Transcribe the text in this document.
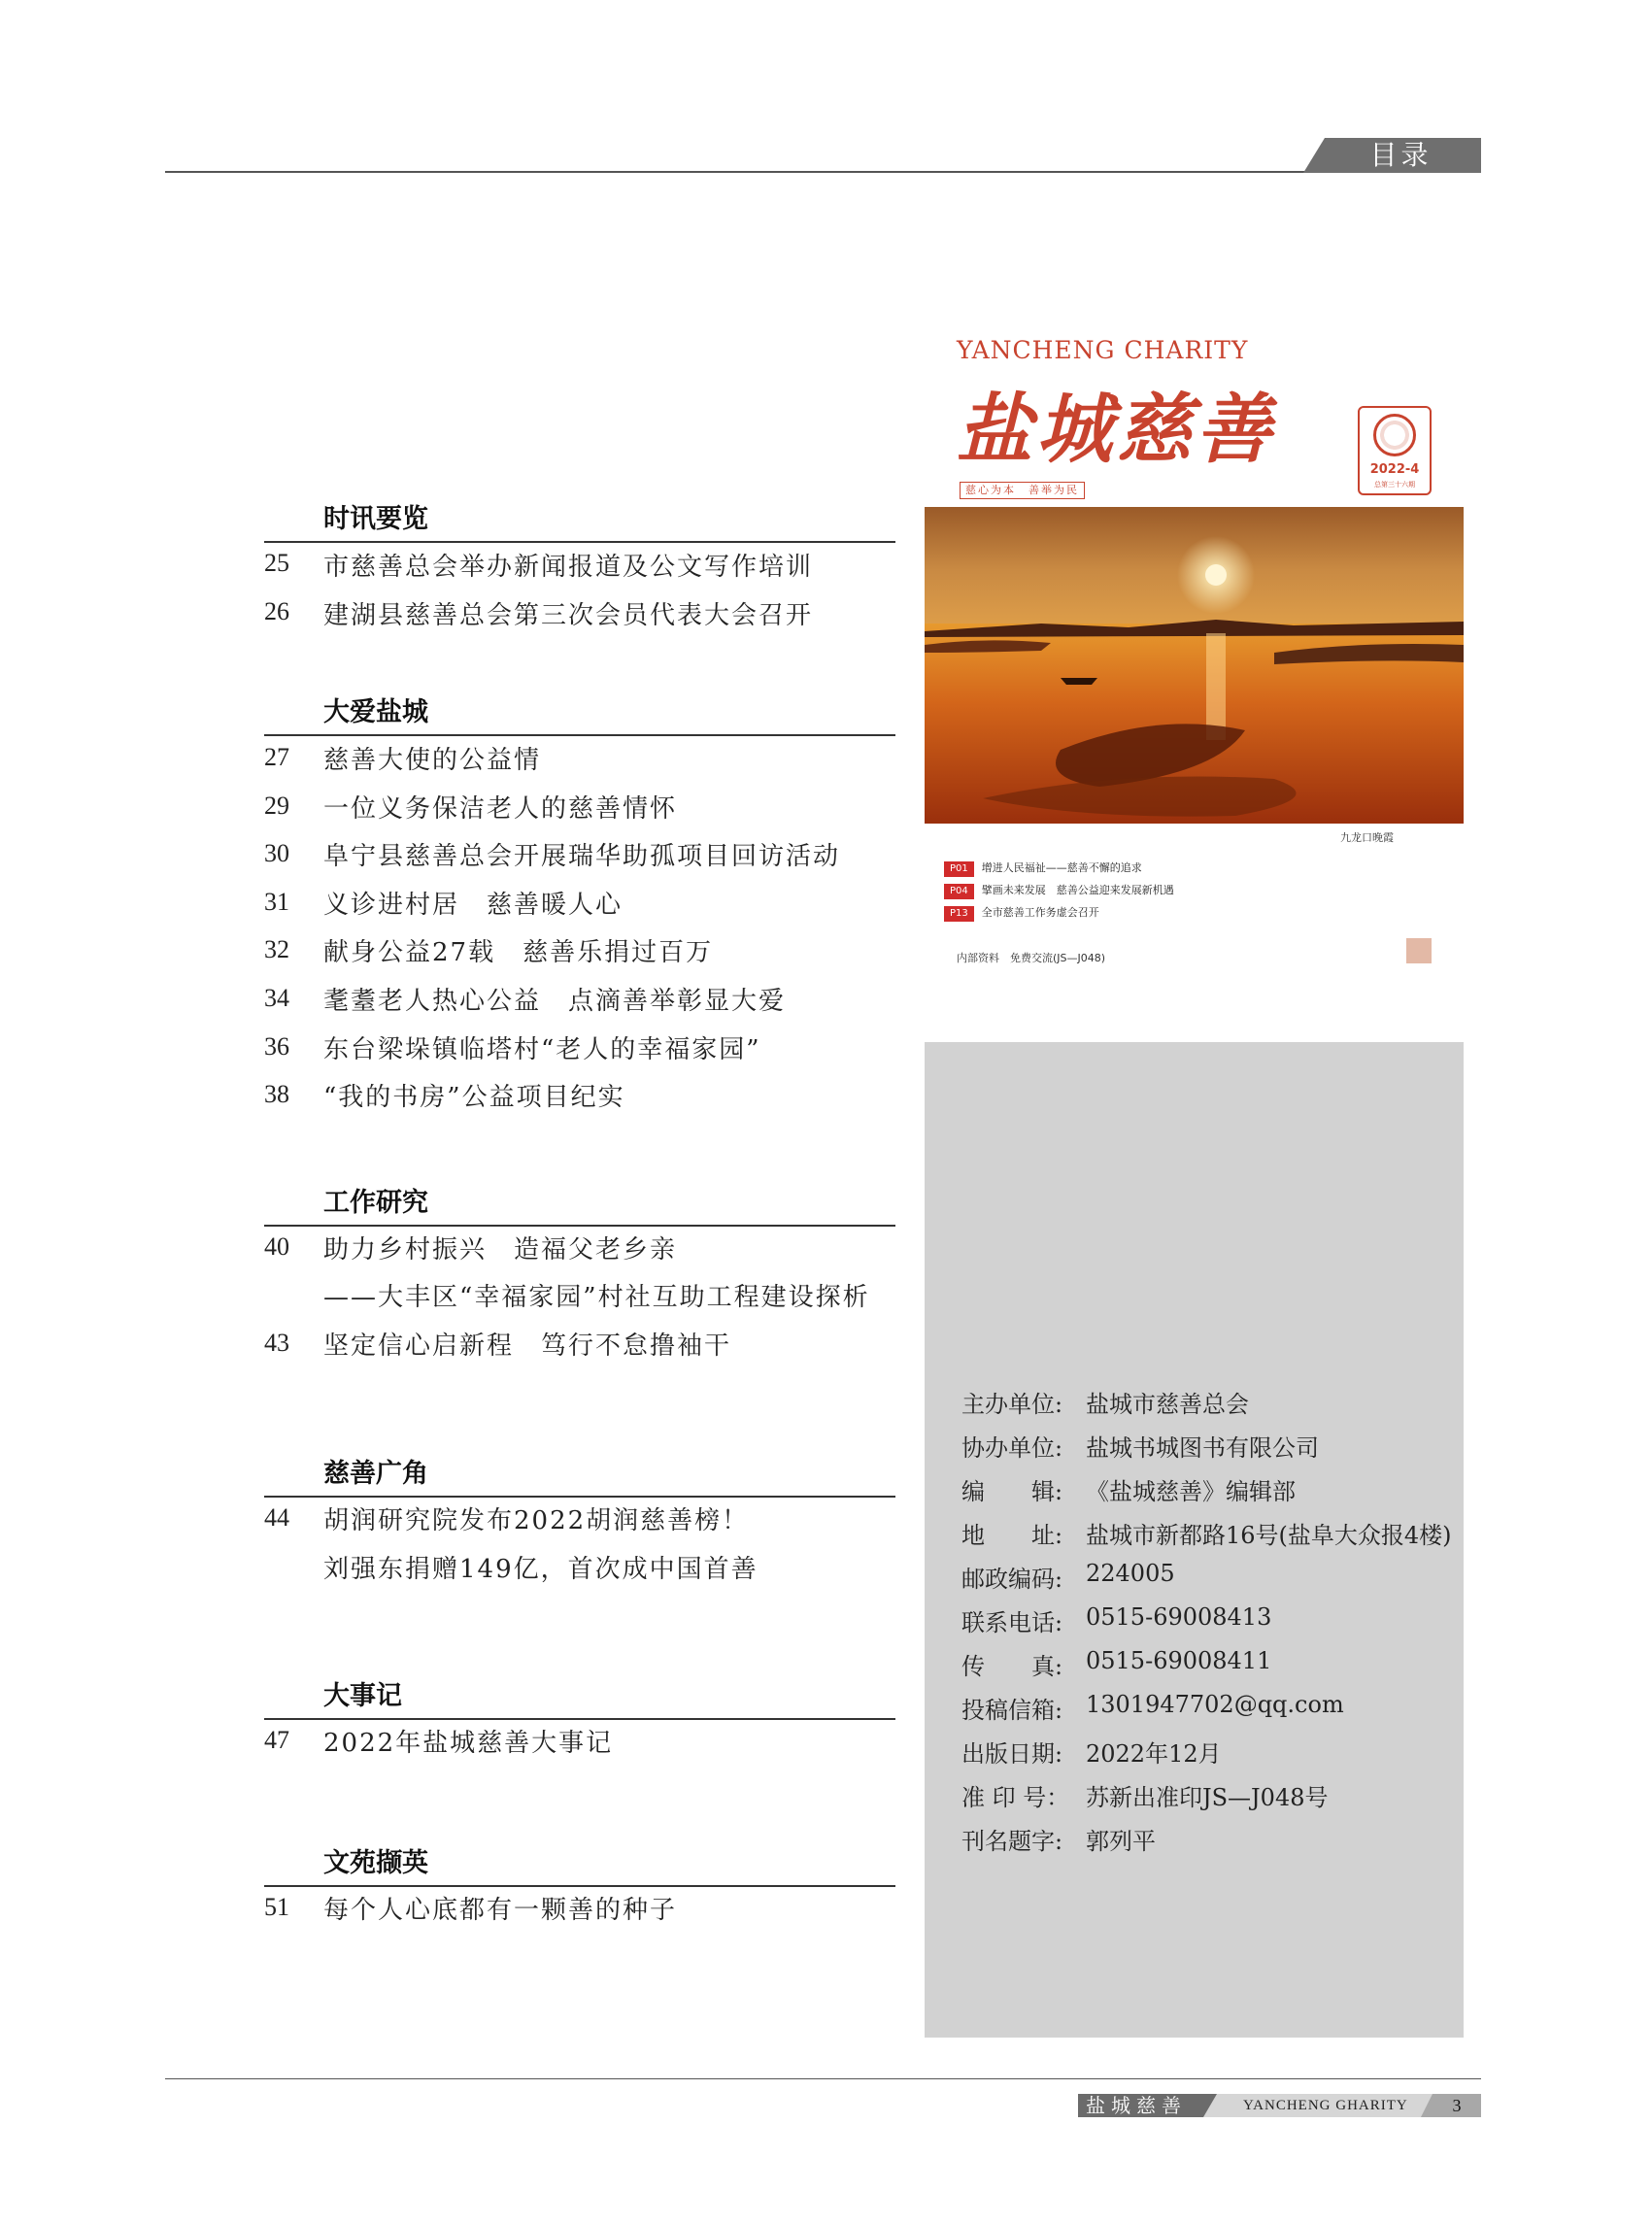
目录
时讯要览
25	市慈善总会举办新闻报道及公文写作培训
26	建湖县慈善总会第三次会员代表大会召开
大爱盐城
27	慈善大使的公益情
29	一位义务保洁老人的慈善情怀
30	阜宁县慈善总会开展瑞华助孤项目回访活动
31	义诊进村居　慈善暖人心
32	献身公益27载　慈善乐捐过百万
34	耄耋老人热心公益　点滴善举彰显大爱
36	东台梁垛镇临塔村“老人的幸福家园”
38	“我的书房”公益项目纪实
工作研究
40	助力乡村振兴　造福父老乡亲
——大丰区“幸福家园”村社互助工程建设探析
43	坚定信心启新程　笃行不怠撸袖干
慈善广角
44	胡润研究院发布2022胡润慈善榜！
刘强东捐赠149亿，首次成中国首善
大事记
47	2022年盐城慈善大事记
文苑撷英
51	每个人心底都有一颗善的种子
YANCHENG CHARITY
盐城慈善
慈心为本　善举为民
2022-4
总第三十六期
九龙口晚霞
P01 增进人民福祉——慈善不懈的追求
P04 擘画未来发展　慈善公益迎来发展新机遇
P13 全市慈善工作务虚会召开
内部资料　免费交流(JS—J048)
主办单位: 盐城市慈善总会
协办单位: 盐城书城图书有限公司
编　　辑: 《盐城慈善》编辑部
地　　址: 盐城市新都路16号(盐阜大众报4楼)
邮政编码: 224005
联系电话: 0515-69008413
传　　真: 0515-69008411
投稿信箱: 1301947702@qq.com
出版日期: 2022年12月
准 印 号： 苏新出准印JS—J048号
刊名题字: 郭列平
盐城慈善	YANCHENG GHARITY	3
